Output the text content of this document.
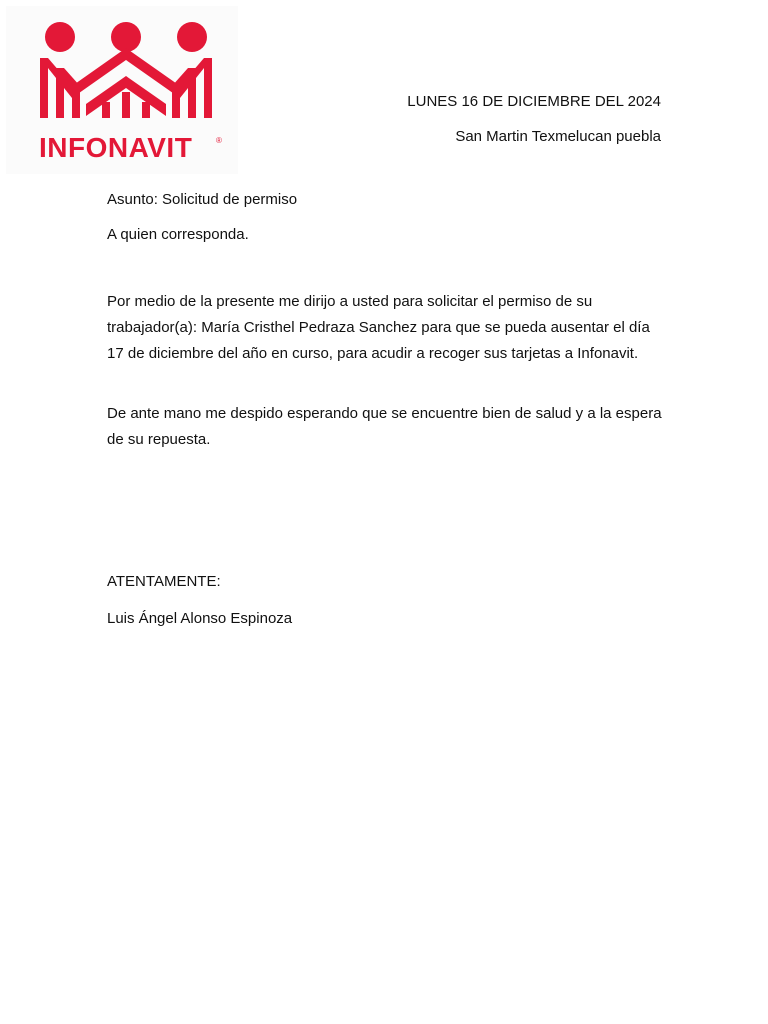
INFONAVIT	®
LUNES 16 DE DICIEMBRE DEL 2024
San Martin Texmelucan puebla

Asunto: Solicitud de permiso

A quien corresponda.

Por medio de la presente me dirijo a usted para solicitar el permiso de su trabajador(a): María Cristhel Pedraza Sanchez para que se pueda ausentar el día 17 de diciembre del año en curso, para acudir a recoger sus tarjetas a Infonavit.

De ante mano me despido esperando que se encuentre bien de salud y a la espera de su repuesta.

ATENTAMENTE:

Luis Ángel Alonso Espinoza
